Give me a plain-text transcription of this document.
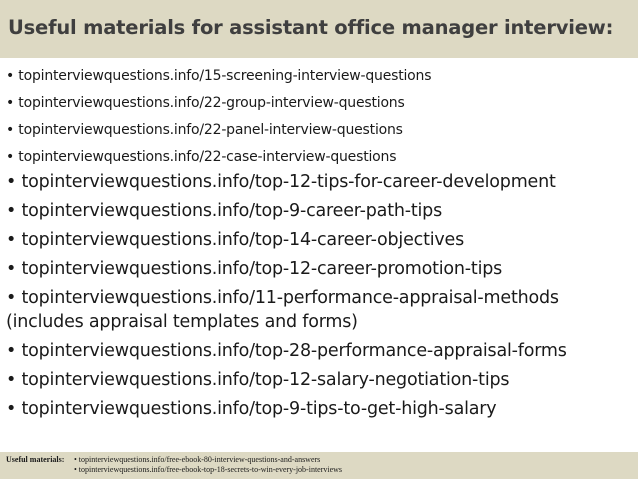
Useful materials for assistant office manager interview:
• topinterviewquestions.info/15-screening-interview-questions
• topinterviewquestions.info/22-group-interview-questions
• topinterviewquestions.info/22-panel-interview-questions
• topinterviewquestions.info/22-case-interview-questions
• topinterviewquestions.info/top-12-tips-for-career-development
• topinterviewquestions.info/top-9-career-path-tips
• topinterviewquestions.info/top-14-career-objectives
• topinterviewquestions.info/top-12-career-promotion-tips
• topinterviewquestions.info/11-performance-appraisal-methods
(includes appraisal templates and forms)
• topinterviewquestions.info/top-28-performance-appraisal-forms
• topinterviewquestions.info/top-12-salary-negotiation-tips
• topinterviewquestions.info/top-9-tips-to-get-high-salary
Useful materials: • topinterviewquestions.info/free-ebook-80-interview-questions-and-answers
• topinterviewquestions.info/free-ebook-top-18-secrets-to-win-every-job-interviews
